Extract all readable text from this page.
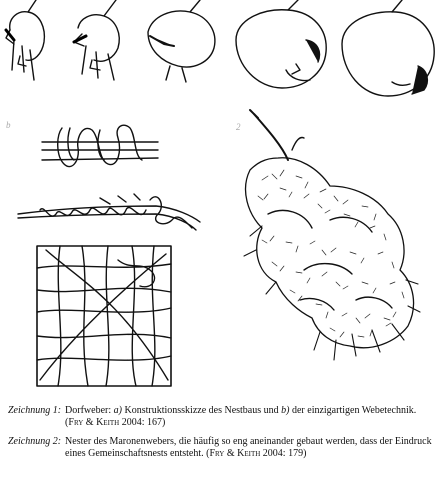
b	2
Zeichnung 1: Dorfweber: a) Konstruktionsskizze des Nestbaus und b) der einzigartigen Webetechnik. (Fry & Keith 2004: 167)
Zeichnung 2: Nester des Maronenwebers, die häufig so eng aneinander gebaut werden, dass der Eindruck eines Gemeinschaftsnests entsteht. (Fry & Keith 2004: 179)
